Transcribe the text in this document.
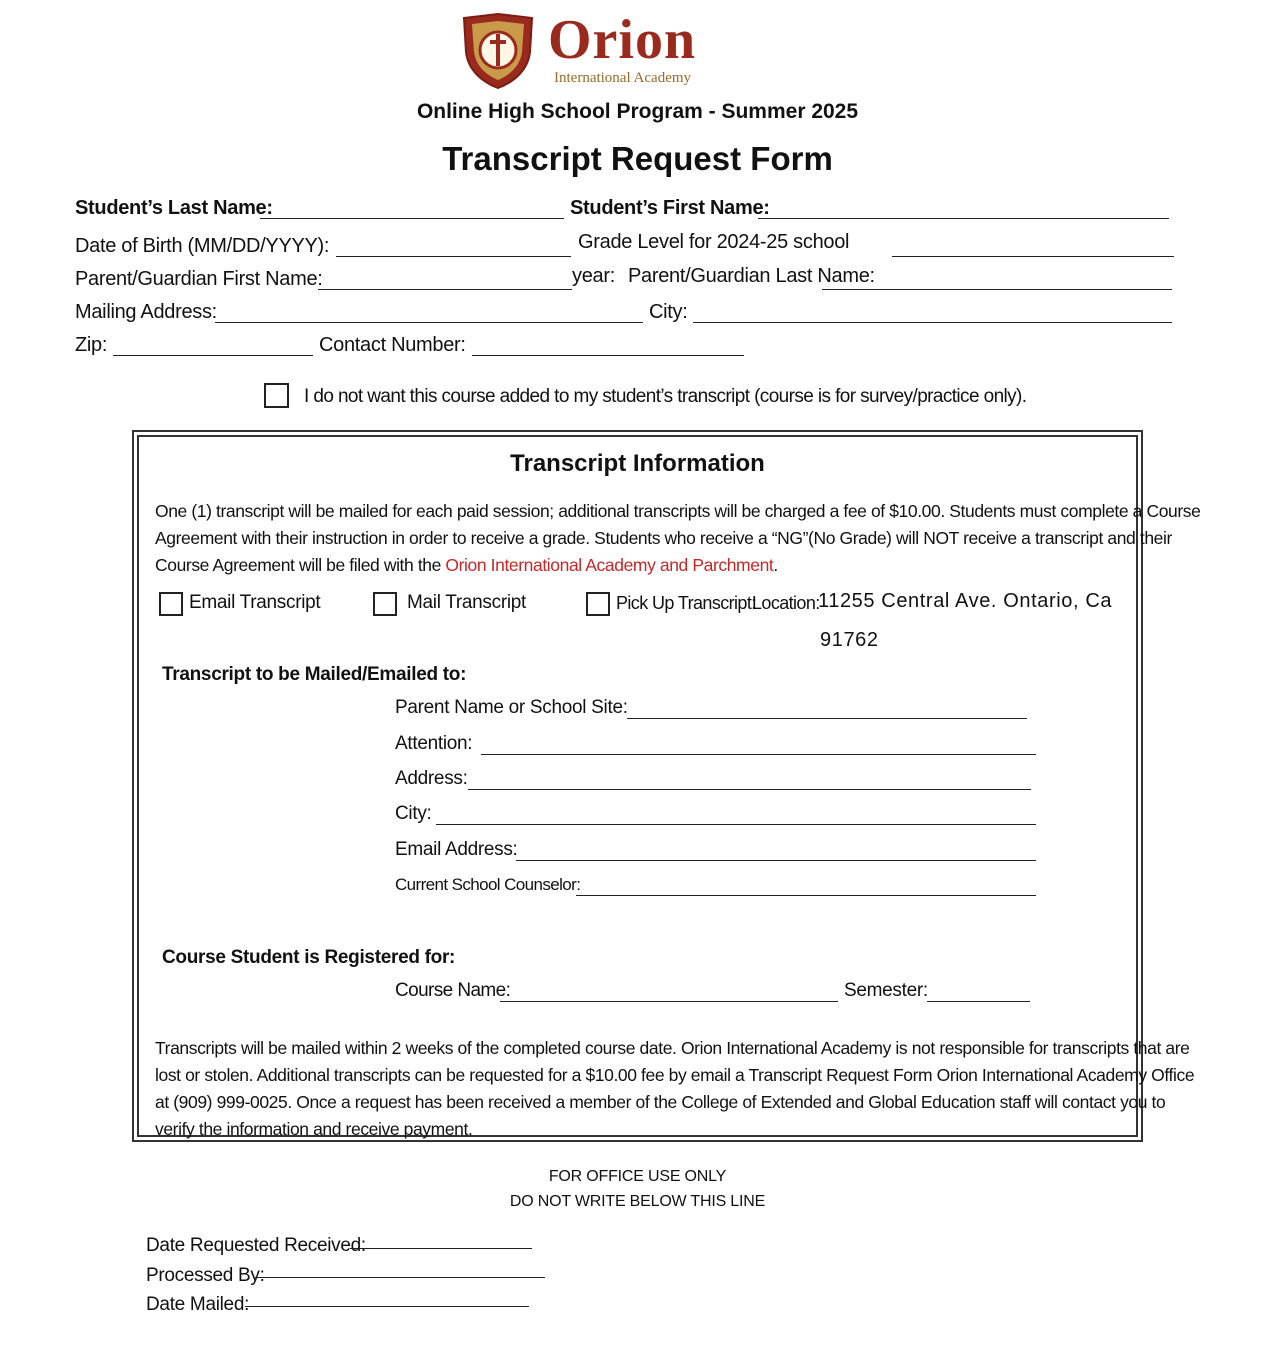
Orion
International Academy
Online High School Program - Summer 2025
Transcript Request Form
Student’s Last Name:	Student’s First Name:
Date of Birth (MM/DD/YYYY):	Grade Level for 2024-25 school
Parent/Guardian First Name:	year: Parent/Guardian Last Name:
Mailing Address:	City:
Zip:	Contact Number:
I do not want this course added to my student’s transcript (course is for survey/practice only).
Transcript Information
One (1) transcript will be mailed for each paid session; additional transcripts will be charged a fee of $10.00. Students must complete a Course
Agreement with their instruction in order to receive a grade. Students who receive a “NG”(No Grade) will NOT receive a transcript and their
Course Agreement will be filed with the Orion International Academy and Parchment.
Email Transcript	Mail Transcript	Pick Up Transcript:
Location:
11255 Central Ave. Ontario, Ca
91762
Transcript to be Mailed/Emailed to:
Parent Name or School Site:
Attention:
Address:
City:
Email Address:
Current School Counselor:
Course Student is Registered for:
Course Name:	Semester:
Transcripts will be mailed within 2 weeks of the completed course date. Orion International Academy is not responsible for transcripts that are
lost or stolen. Additional transcripts can be requested for a $10.00 fee by email a Transcript Request Form Orion International Academy Office
at (909) 999-0025. Once a request has been received a member of the College of Extended and Global Education staff will contact you to
verify the information and receive payment.
FOR OFFICE USE ONLY
DO NOT WRITE BELOW THIS LINE
Date Requested Received:
Processed By:
Date Mailed:
